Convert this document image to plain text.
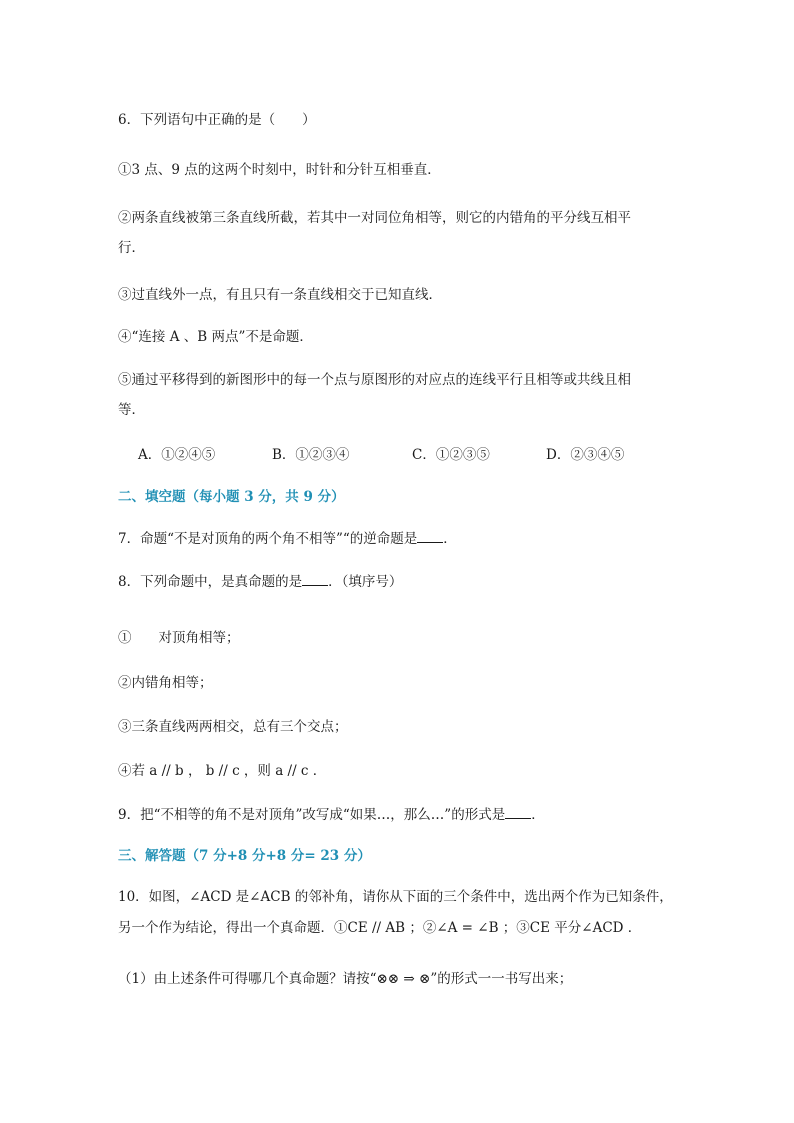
6．下列语句中正确的是（　　）
①3 点、9 点的这两个时刻中，时针和分针互相垂直．
②两条直线被第三条直线所截，若其中一对同位角相等，则它的内错角的平分线互相平
行．
③过直线外一点，有且只有一条直线相交于已知直线．
④“连接 A 、B 两点”不是命题．
⑤通过平移得到的新图形中的每一个点与原图形的对应点的连线平行且相等或共线且相
等．
A．①②④⑤	B．①②③④	C．①②③⑤	D．②③④⑤
二、填空题（每小题 3 分，共 9 分）
7．命题“不是对顶角的两个角不相等”“的逆命题是 ．
8．下列命题中，是真命题的是 ．（填序号）
①　　对顶角相等；
②内错角相等；
③三条直线两两相交，总有三个交点；
④若 a // b ， b // c ，则 a // c ．
9．把“不相等的角不是对顶角”改写成“如果…，那么…”的形式是 ．
三、解答题（7 分+8 分+8 分= 23 分）
10．如图，∠ACD 是∠ACB 的邻补角，请你从下面的三个条件中，选出两个作为已知条件，
另一个作为结论，得出一个真命题．①CE // AB ；②∠A = ∠B ；③CE 平分∠ACD ．
（1）由上述条件可得哪几个真命题？请按“⊗⊗ ⇒ ⊗”的形式一一书写出来；
